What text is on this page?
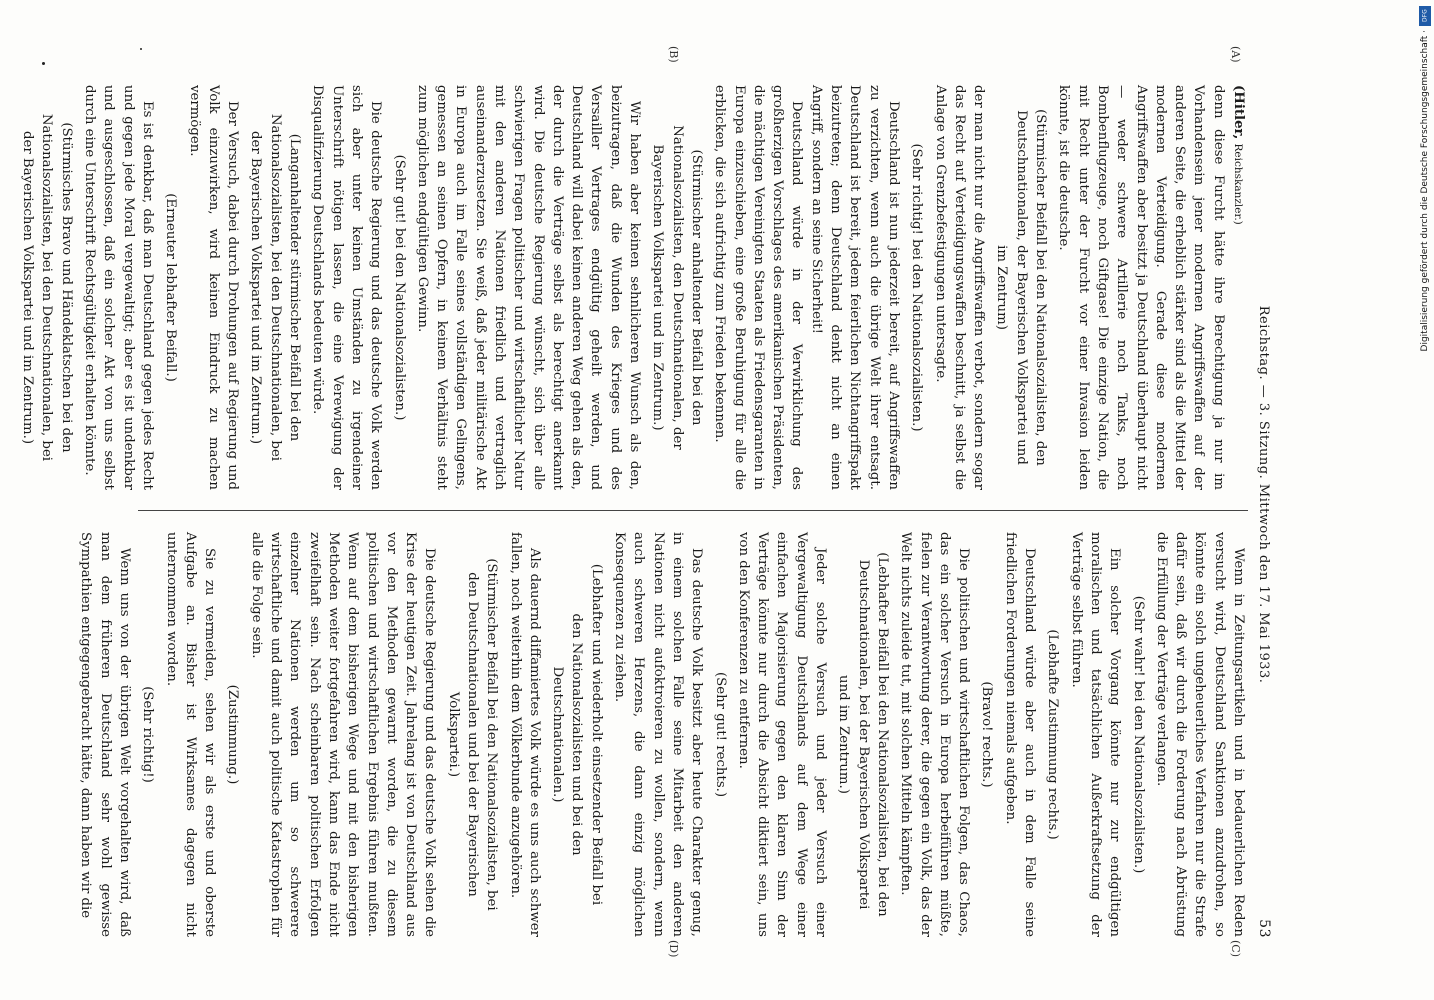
Reichstag. — 3. Sitzung. Mittwoch den 17. Mai 1933.
53
(A)
(B)
(C)
(D)

(Hitler, Reichskanzler.)

denn diese Furcht hätte ihre Berechtigung ja nur im Vorhandensein jener modernen Angriffswaffen auf der anderen Seite, die erheblich stärker sind als die Mittel der modernen Verteidigung. Gerade diese modernen Angriffswaffen aber besitzt ja Deutschland überhaupt nicht — weder schwere Artillerie noch Tanks, noch Bombenflugzeuge, noch Giftgase! Die einzige Nation, die mit Recht unter der Furcht vor einer Invasion leiden könnte, ist die deutsche.

(Stürmischer Beifall bei den Nationalsozialisten, den Deutschnationalen, der Bayerischen Volkspartei und im Zentrum)

der man nicht nur die Angriffswaffen verbot, sondern sogar das Recht auf Verteidigungswaffen beschnitt, ja selbst die Anlage von Grenzbefestigungen untersagte.

(Sehr richtig! bei den Nationalsozialisten.)

Deutschland ist nun jederzeit bereit, auf Angriffswaffen zu verzichten, wenn auch die übrige Welt ihrer entsagt. Deutschland ist bereit, jedem feierlichen Nichtangriffspakt beizutreten; denn Deutschland denkt nicht an einen Angriff, sondern an seine Sicherheit!

Deutschland würde in der Verwirklichung des großherzigen Vorschlages des amerikanischen Präsidenten, die mächtigen Vereinigten Staaten als Friedensgaranten in Europa einzuschieben, eine große Beruhigung für alle die erblicken, die sich aufrichtig zum Frieden bekennen.

(Stürmischer anhaltender Beifall bei den Nationalsozialisten, den Deutschnationalen, der Bayerischen Volkspartei und im Zentrum.)

Wir haben aber keinen sehnlicheren Wunsch als den, beizutragen, daß die Wunden des Krieges und des Versailler Vertrages endgültig geheilt werden, und Deutschland will dabei keinen anderen Weg gehen als den, der durch die Verträge selbst als berechtigt anerkannt wird. Die deutsche Regierung wünscht, sich über alle schwierigen Fragen politischer und wirtschaftlicher Natur mit den anderen Nationen friedlich und vertraglich auseinanderzusetzen. Sie weiß, daß jeder militärische Akt in Europa auch im Falle seines vollständigen Gelingens, gemessen an seinen Opfern, in keinem Verhältnis steht zum möglichen endgültigen Gewinn.

(Sehr gut! bei den Nationalsozialisten.)

Die deutsche Regierung und das deutsche Volk werden sich aber unter keinen Umständen zu irgendeiner Unterschrift nötigen lassen, die eine Verewigung der Disqualifizierung Deutschlands bedeuten würde.

(Langanhaltender stürmischer Beifall bei den Nationalsozialisten, bei den Deutschnationalen, bei der Bayerischen Volkspartei und im Zentrum.)

Der Versuch, dabei durch Drohungen auf Regierung und Volk einzuwirken, wird keinen Eindruck zu machen vermögen.

(Erneuter lebhafter Beifall.)

Es ist denkbar, daß man Deutschland gegen jedes Recht und gegen jede Moral vergewaltigt; aber es ist undenkbar und ausgeschlossen, daß ein solcher Akt von uns selbst durch eine Unterschrift Rechtsgültigkeit erhalten könnte.

(Stürmisches Bravo und Händeklatschen bei den Nationalsozialisten, bei den Deutschnationalen, bei der Bayerischen Volkspartei und im Zentrum.)

Wenn in Zeitungsartikeln und in bedauerlichen Reden versucht wird, Deutschland Sanktionen anzudrohen, so könnte ein solch ungeheuerliches Verfahren nur die Strafe dafür sein, daß wir durch die Forderung nach Abrüstung die Erfüllung der Verträge verlangen.

(Sehr wahr! bei den Nationalsozialisten.)

Ein solcher Vorgang könnte nur zur endgültigen moralischen und tatsächlichen Außerkraftsetzung der Verträge selbst führen.

(Lebhafte Zustimmung rechts.)

Deutschland würde aber auch in dem Falle seine friedlichen Forderungen niemals aufgeben.

(Bravo! rechts.)

Die politischen und wirtschaftlichen Folgen, das Chaos, das ein solcher Versuch in Europa herbeiführen müßte, fielen zur Verantwortung derer, die gegen ein Volk, das der Welt nichts zuleide tut, mit solchen Mitteln kämpften.

(Lebhafter Beifall bei den Nationalsozialisten, bei den Deutschnationalen, bei der Bayerischen Volkspartei und im Zentrum.)

Jeder solche Versuch und jeder Versuch einer Vergewaltigung Deutschlands auf dem Wege einer einfachen Majorisierung gegen den klaren Sinn der Verträge könnte nur durch die Absicht diktiert sein, uns von den Konferenzen zu entfernen.

(Sehr gut! rechts.)

Das deutsche Volk besitzt aber heute Charakter genug, in einem solchen Falle seine Mitarbeit den anderen Nationen nicht aufoktroieren zu wollen, sondern, wenn auch schweren Herzens, die dann einzig möglichen Konsequenzen zu ziehen.

(Lebhafter und wiederholt einsetzender Beifall bei den Nationalsozialisten und bei den Deutschnationalen.)

Als dauernd diffamiertes Volk würde es uns auch schwer fallen, noch weiterhin dem Völkerbunde anzugehören.

(Stürmischer Beifall bei den Nationalsozialisten, bei den Deutschnationalen und bei der Bayerischen Volkspartei.)

Die deutsche Regierung und das deutsche Volk sehen die Krise der heutigen Zeit. Jahrelang ist von Deutschland aus vor den Methoden gewarnt worden, die zu diesem politischen und wirtschaftlichen Ergebnis führen mußten. Wenn auf dem bisherigen Wege und mit den bisherigen Methoden weiter fortgefahren wird, kann das Ende nicht zweifelhaft sein. Nach scheinbaren politischen Erfolgen einzelner Nationen werden um so schwerere wirtschaftliche und damit auch politische Katastrophen für alle die Folge sein.

(Zustimmung.)

Sie zu vermeiden, sehen wir als erste und oberste Aufgabe an. Bisher ist Wirksames dagegen nicht unternommen worden.

(Sehr richtig!)

Wenn uns von der übrigen Welt vorgehalten wird, daß man dem früheren Deutschland sehr wohl gewisse Sympathien entgegengebracht hätte, dann haben wir die

DFG
Digitalisierung gefördert durch die Deutsche Forschungsgemeinschaft ·
